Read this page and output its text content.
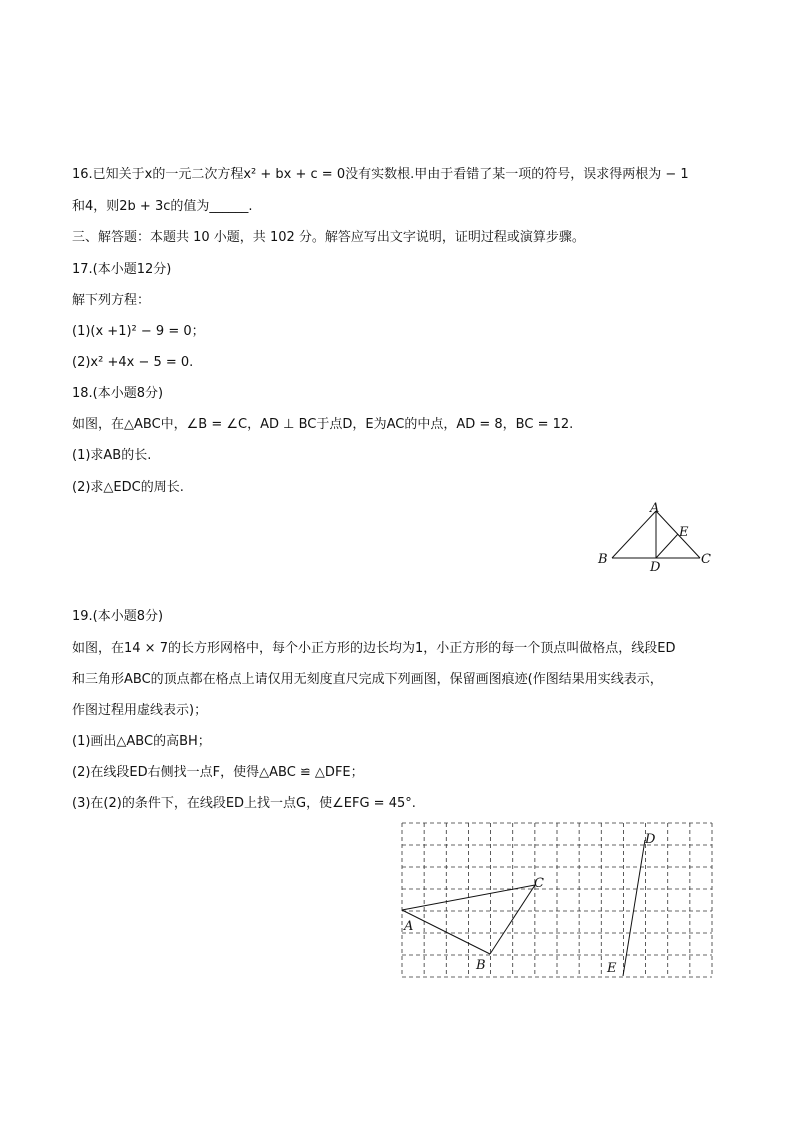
16.已知关于x的一元二次方程x² + bx + c = 0没有实数根.甲由于看错了某一项的符号，误求得两根为 − 1
和4，则2b + 3c的值为______.
三、解答题：本题共 10 小题，共 102 分。解答应写出文字说明，证明过程或演算步骤。
17.(本小题12分)
解下列方程：
(1)(x +1)² − 9 = 0；
(2)x² +4x − 5 = 0.
18.(本小题8分)
如图，在△ABC中，∠B = ∠C，AD ⊥ BC于点D，E为AC的中点，AD = 8，BC = 12.
(1)求AB的长.
(2)求△EDC的周长.
A
B	C
D
E
19.(本小题8分)
如图，在14 × 7的长方形网格中，每个小正方形的边长均为1，小正方形的每一个顶点叫做格点，线段ED
和三角形ABC的顶点都在格点上请仅用无刻度直尺完成下列画图，保留画图痕迹(作图结果用实线表示，
作图过程用虚线表示)；
(1)画出△ABC的高BH；
(2)在线段ED右侧找一点F，使得△ABC ≌ △DFE；
(3)在(2)的条件下，在线段ED上找一点G，使∠EFG = 45°.
A
B
C
D
E
